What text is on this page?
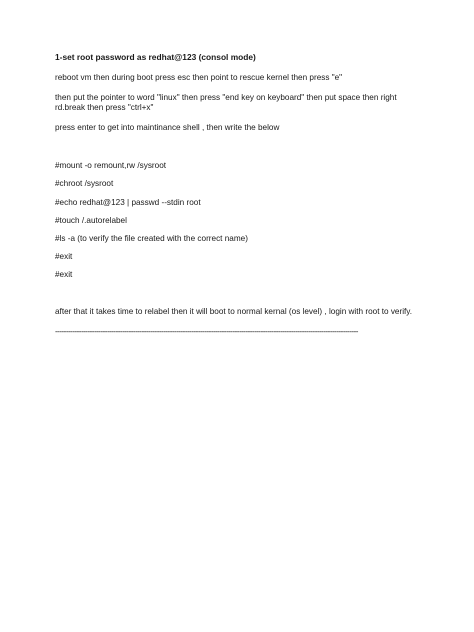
1-set root password as redhat@123 (consol mode)
reboot vm then during boot press esc then point to rescue kernel then press "e"
then put the pointer to word "linux" then press "end key on keyboard" then put space then right rd.break then press "ctrl+x"
press enter to get into maintinance shell , then write the below
#mount -o remount,rw /sysroot
#chroot /sysroot
#echo redhat@123 | passwd --stdin root
#touch /.autorelabel
#ls -a (to verify the file created with the correct name)
#exit
#exit
after that it takes time to relabel then it will boot to normal kernal (os level) , login with root to verify.
--------------------------------------------------------------------------------------------------------------------------------------------
